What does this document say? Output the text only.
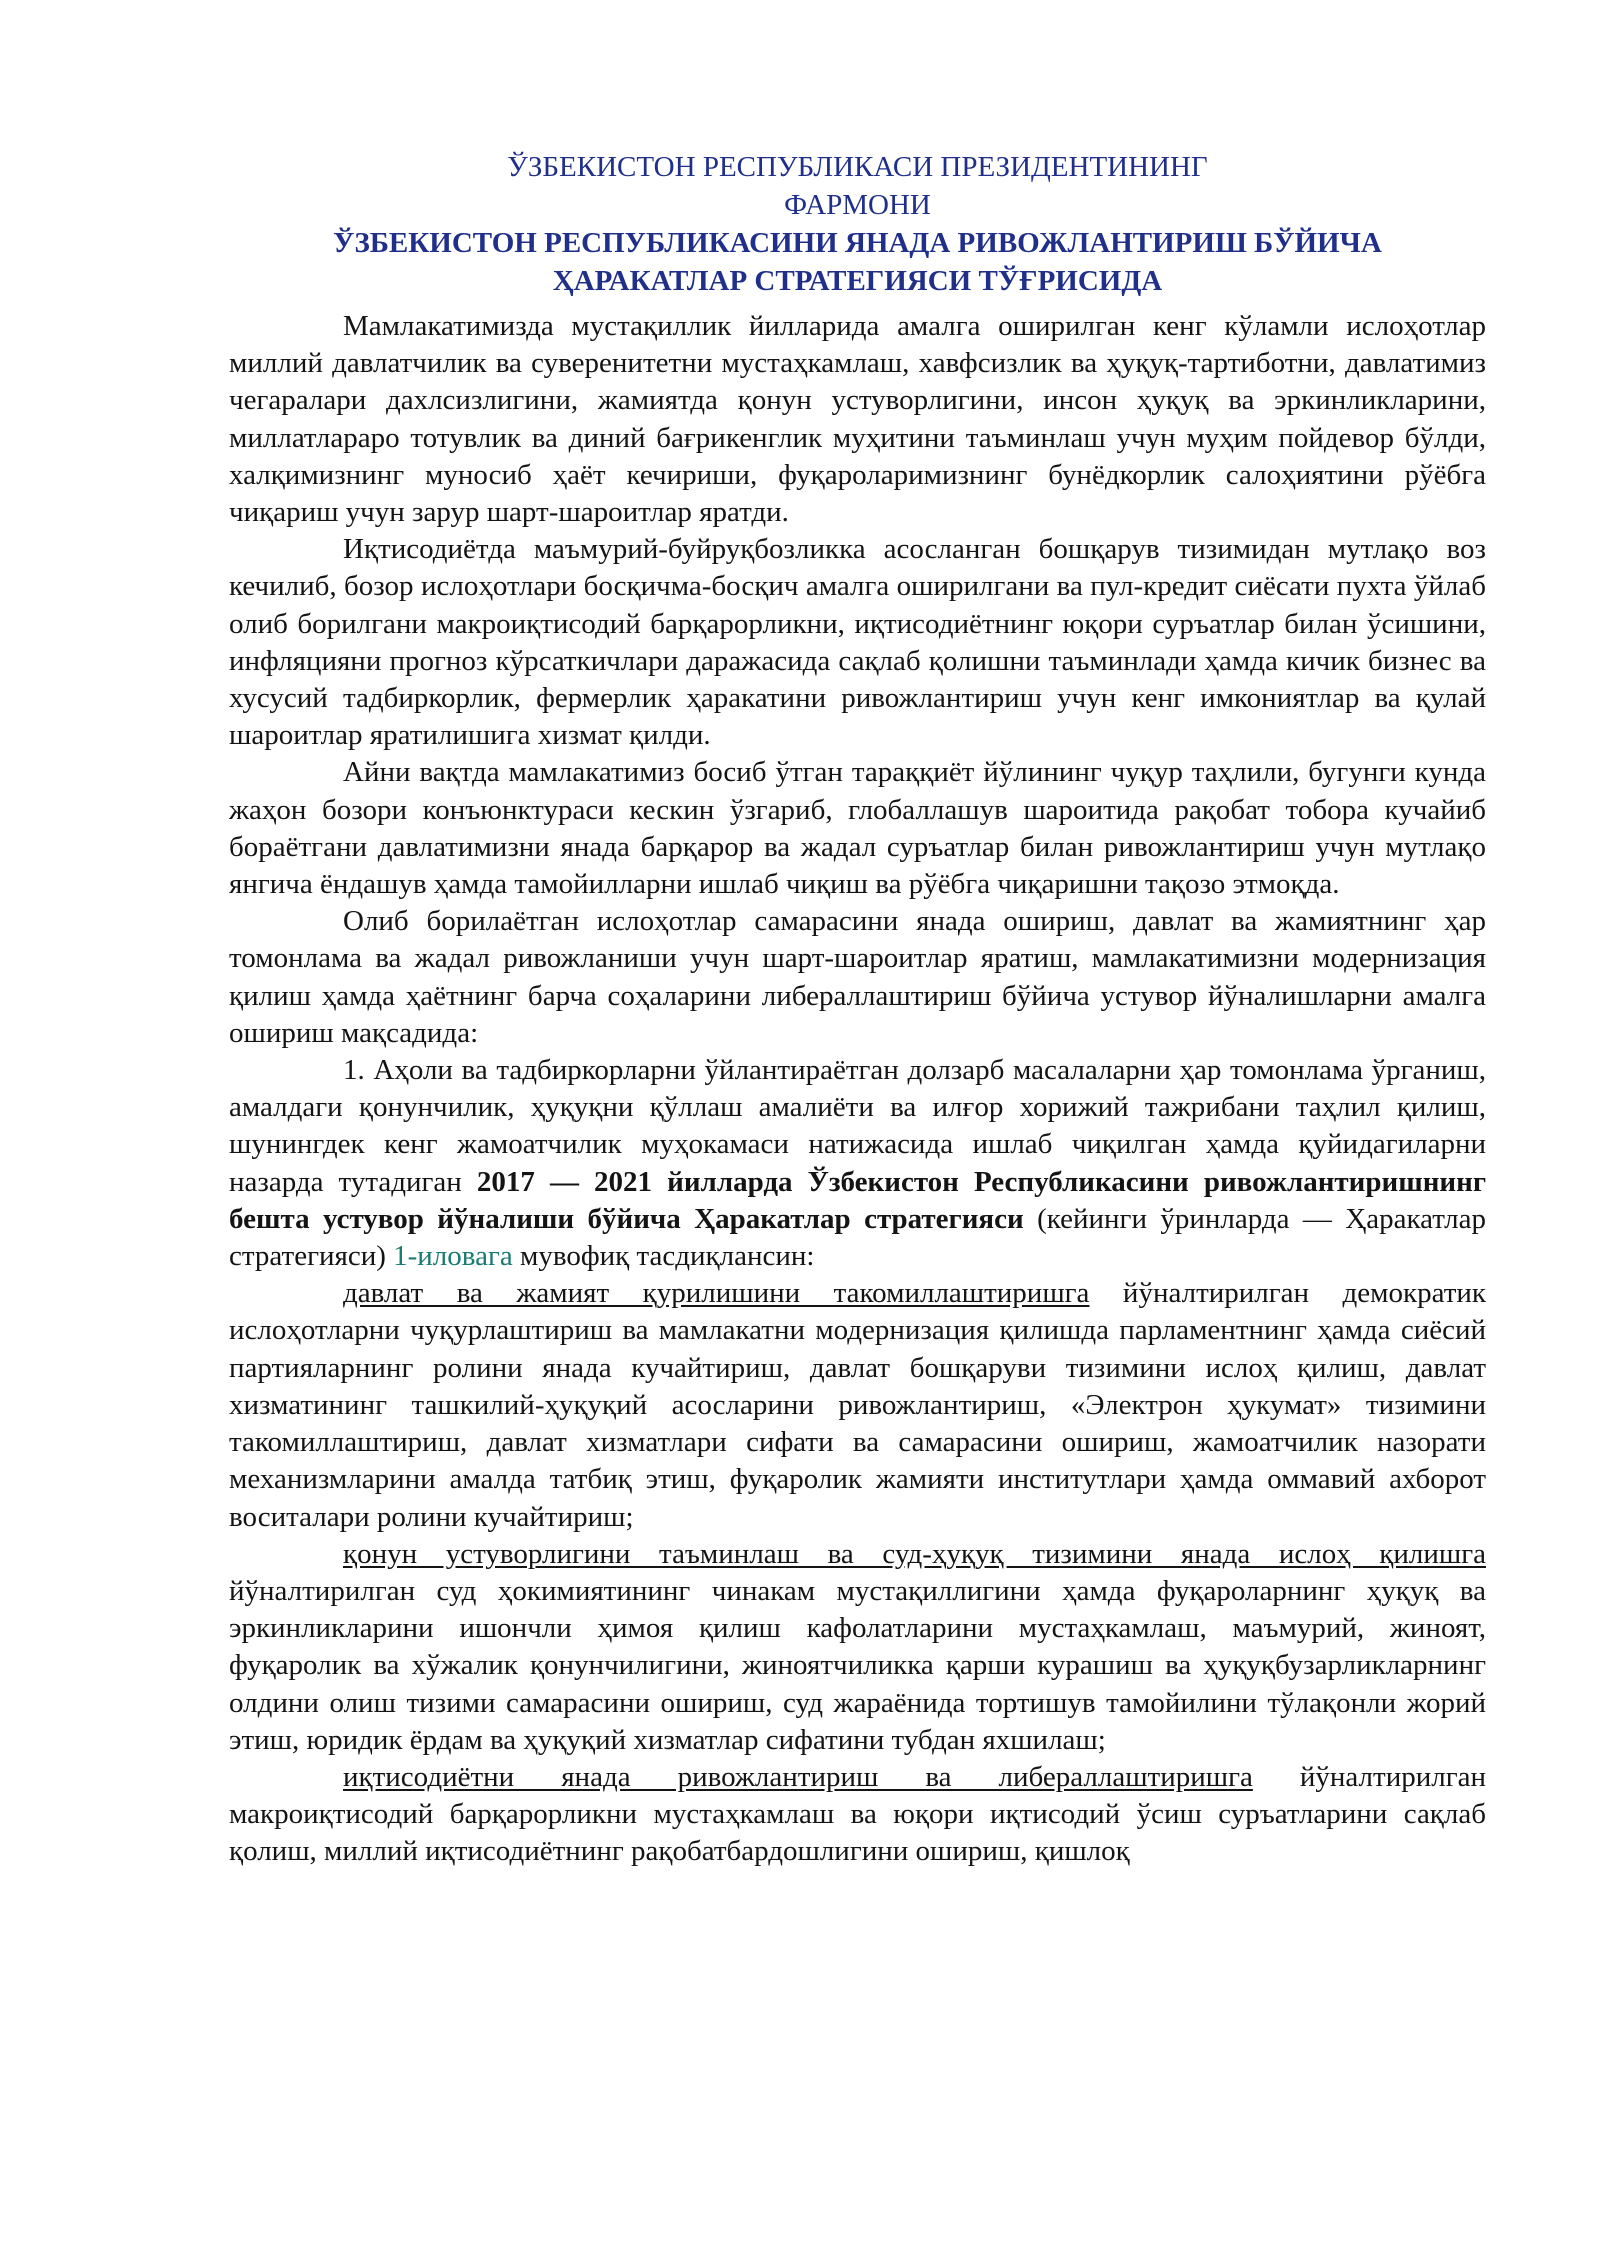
ЎЗБЕКИСТОН РЕСПУБЛИКАСИ ПРЕЗИДЕНТИНИНГ

ФАРМОНИ

ЎЗБЕКИСТОН РЕСПУБЛИКАСИНИ ЯНАДА РИВОЖЛАНТИРИШ БЎЙИЧА

ҲАРАКАТЛАР СТРАТЕГИЯСИ ТЎҒРИСИДА

Мамлакатимизда мустақиллик йилларида амалга оширилган кенг кўламли ислоҳотлар миллий давлатчилик ва суверенитетни мустаҳкамлаш, хавфсизлик ва ҳуқуқ-тартиботни, давлатимиз чегаралари дахлсизлигини, жамиятда қонун устуворлигини, инсон ҳуқуқ ва эркинликларини, миллатлараро тотувлик ва диний бағрикенглик муҳитини таъминлаш учун муҳим пойдевор бўлди, халқимизнинг муносиб ҳаёт кечириши, фуқароларимизнинг бунёдкорлик салоҳиятини рўёбга чиқариш учун зарур шарт-шароитлар яратди.

Иқтисодиётда маъмурий-буйруқбозликка асосланган бошқарув тизимидан мутлақо воз кечилиб, бозор ислоҳотлари босқичма-босқич амалга оширилгани ва пул-кредит сиёсати пухта ўйлаб олиб борилгани макроиқтисодий барқарорликни, иқтисодиётнинг юқори суръатлар билан ўсишини, инфляцияни прогноз кўрсаткичлари даражасида сақлаб қолишни таъминлади ҳамда кичик бизнес ва хусусий тадбиркорлик, фермерлик ҳаракатини ривожлантириш учун кенг имкониятлар ва қулай шароитлар яратилишига хизмат қилди.

Айни вақтда мамлакатимиз босиб ўтган тараққиёт йўлининг чуқур таҳлили, бугунги кунда жаҳон бозори конъюнктураси кескин ўзгариб, глобаллашув шароитида рақобат тобора кучайиб бораётгани давлатимизни янада барқарор ва жадал суръатлар билан ривожлантириш учун мутлақо янгича ёндашув ҳамда тамойилларни ишлаб чиқиш ва рўёбга чиқаришни тақозо этмоқда.

Олиб борилаётган ислоҳотлар самарасини янада ошириш, давлат ва жамиятнинг ҳар томонлама ва жадал ривожланиши учун шарт-шароитлар яратиш, мамлакатимизни модернизация қилиш ҳамда ҳаётнинг барча соҳаларини либераллаштириш бўйича устувор йўналишларни амалга ошириш мақсадида:

1. Аҳоли ва тадбиркорларни ўйлантираётган долзарб масалаларни ҳар томонлама ўрганиш, амалдаги қонунчилик, ҳуқуқни қўллаш амалиёти ва илғор хорижий тажрибани таҳлил қилиш, шунингдек кенг жамоатчилик муҳокамаси натижасида ишлаб чиқилган ҳамда қуйидагиларни назарда тутадиган 2017 — 2021 йилларда Ўзбекистон Республикасини ривожлантиришнинг бешта устувор йўналиши бўйича Ҳаракатлар стратегияси (кейинги ўринларда — Ҳаракатлар стратегияси) 1-иловага мувофиқ тасдиқлансин:

давлат ва жамият қурилишини такомиллаштиришга йўналтирилган демократик ислоҳотларни чуқурлаштириш ва мамлакатни модернизация қилишда парламентнинг ҳамда сиёсий партияларнинг ролини янада кучайтириш, давлат бошқаруви тизимини ислоҳ қилиш, давлат хизматининг ташкилий-ҳуқуқий асосларини ривожлантириш, «Электрон ҳукумат» тизимини такомиллаштириш, давлат хизматлари сифати ва самарасини ошириш, жамоатчилик назорати механизмларини амалда татбиқ этиш, фуқаролик жамияти институтлари ҳамда оммавий ахборот воситалари ролини кучайтириш;

қонун устуворлигини таъминлаш ва суд-ҳуқуқ тизимини янада ислоҳ қилишга йўналтирилган суд ҳокимиятининг чинакам мустақиллигини ҳамда фуқароларнинг ҳуқуқ ва эркинликларини ишончли ҳимоя қилиш кафолатларини мустаҳкамлаш, маъмурий, жиноят, фуқаролик ва хўжалик қонунчилигини, жиноятчиликка қарши курашиш ва ҳуқуқбузарликларнинг олдини олиш тизими самарасини ошириш, суд жараёнида тортишув тамойилини тўлақонли жорий этиш, юридик ёрдам ва ҳуқуқий хизматлар сифатини тубдан яхшилаш;

иқтисодиётни янада ривожлантириш ва либераллаштиришга йўналтирилган макроиқтисодий барқарорликни мустаҳкамлаш ва юқори иқтисодий ўсиш суръатларини сақлаб қолиш, миллий иқтисодиётнинг рақобатбардошлигини ошириш, қишлоқ
